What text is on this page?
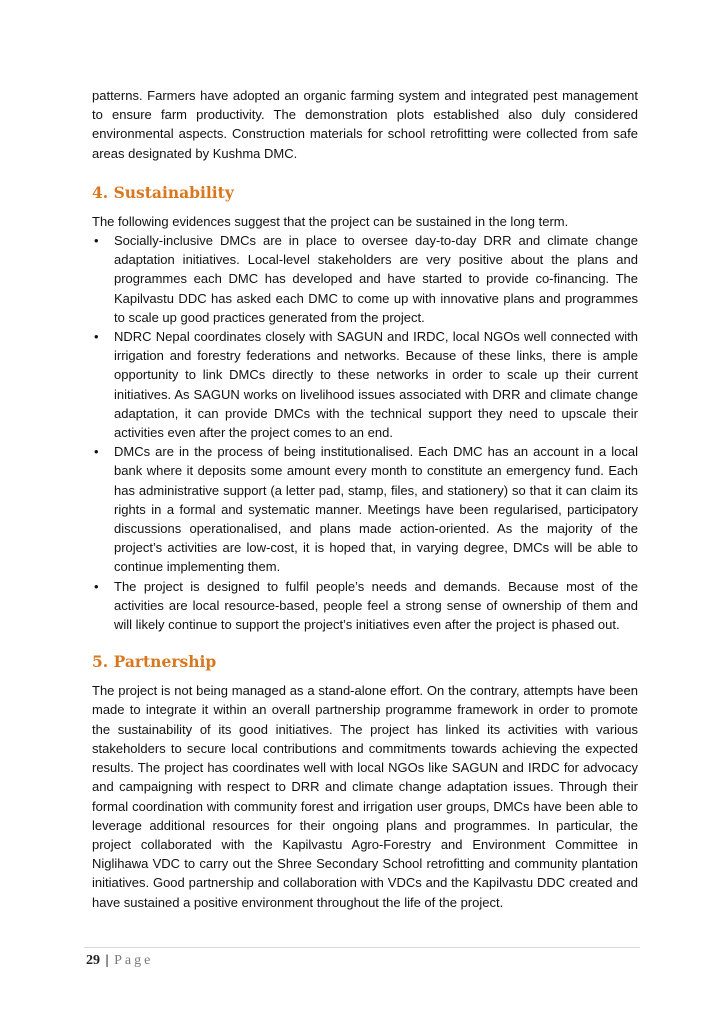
patterns. Farmers have adopted an organic farming system and integrated pest management to ensure farm productivity. The demonstration plots established also duly considered environmental aspects. Construction materials for school retrofitting were collected from safe areas designated by Kushma DMC.

4. Sustainability

The following evidences suggest that the project can be sustained in the long term.

• Socially-inclusive DMCs are in place to oversee day-to-day DRR and climate change adaptation initiatives. Local-level stakeholders are very positive about the plans and programmes each DMC has developed and have started to provide co-financing. The Kapilvastu DDC has asked each DMC to come up with innovative plans and programmes to scale up good practices generated from the project.
• NDRC Nepal coordinates closely with SAGUN and IRDC, local NGOs well connected with irrigation and forestry federations and networks. Because of these links, there is ample opportunity to link DMCs directly to these networks in order to scale up their current initiatives. As SAGUN works on livelihood issues associated with DRR and climate change adaptation, it can provide DMCs with the technical support they need to upscale their activities even after the project comes to an end.
• DMCs are in the process of being institutionalised. Each DMC has an account in a local bank where it deposits some amount every month to constitute an emergency fund. Each has administrative support (a letter pad, stamp, files, and stationery) so that it can claim its rights in a formal and systematic manner. Meetings have been regularised, participatory discussions operationalised, and plans made action-oriented. As the majority of the project’s activities are low-cost, it is hoped that, in varying degree, DMCs will be able to continue implementing them.
• The project is designed to fulfil people’s needs and demands. Because most of the activities are local resource-based, people feel a strong sense of ownership of them and will likely continue to support the project’s initiatives even after the project is phased out.
5. Partnership

The project is not being managed as a stand-alone effort. On the contrary, attempts have been made to integrate it within an overall partnership programme framework in order to promote the sustainability of its good initiatives. The project has linked its activities with various stakeholders to secure local contributions and commitments towards achieving the expected results. The project has coordinates well with local NGOs like SAGUN and IRDC for advocacy and campaigning with respect to DRR and climate change adaptation issues. Through their formal coordination with community forest and irrigation user groups, DMCs have been able to leverage additional resources for their ongoing plans and programmes. In particular, the project collaborated with the Kapilvastu Agro-Forestry and Environment Committee in Niglihawa VDC to carry out the Shree Secondary School retrofitting and community plantation initiatives. Good partnership and collaboration with VDCs and the Kapilvastu DDC created and have sustained a positive environment throughout the life of the project.

29 | Page
